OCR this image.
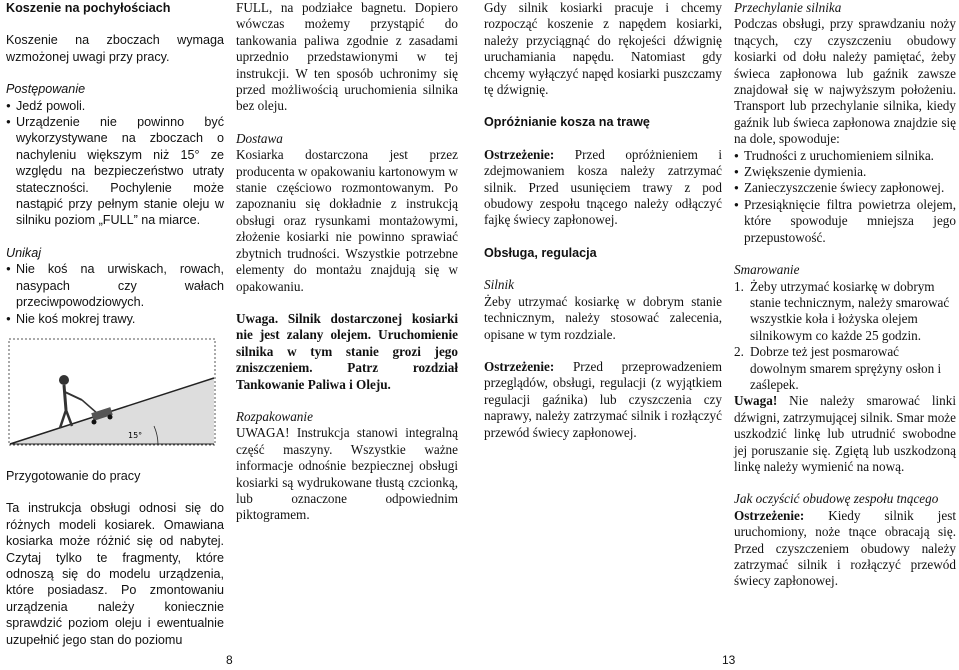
Koszenie na pochyłościach

Koszenie na zboczach wymaga wzmożonej uwagi przy pracy.

Postępowanie

● Jedź powoli.

● Urządzenie nie powinno być wykorzystywane na zboczach o nachyleniu większym niż 15° ze względu na bezpieczeństwo utraty stateczności. Pochylenie może nastąpić przy pełnym stanie oleju w silniku poziom „FULL” na miarce.

Unikaj

● Nie koś na urwiskach, rowach, nasypach czy wałach przeciwpowodziowych.

● Nie koś mokrej trawy.

15°

Przygotowanie do pracy

Ta instrukcja obsługi odnosi się do różnych modeli kosiarek. Omawiana kosiarka może różnić się od nabytej. Czytaj tylko te fragmenty, które odnoszą się do modelu urządzenia, które posiadasz. Po zmontowaniu urządzenia należy koniecznie sprawdzić poziom oleju i ewentualnie uzupełnić jego stan do poziomu

FULL, na podziałce bagnetu. Dopiero wówczas możemy przystąpić do tankowania paliwa zgodnie z zasadami uprzednio przedstawionymi w tej instrukcji. W ten sposób uchronimy się przed możliwością uruchomienia silnika bez oleju.

Dostawa

Kosiarka dostarczona jest przez producenta w opakowaniu kartonowym w stanie częściowo rozmontowanym. Po zapoznaniu się dokładnie z instrukcją obsługi oraz rysunkami montażowymi, złożenie kosiarki nie powinno sprawiać zbytnich trudności. Wszystkie potrzebne elementy do montażu znajdują się w opakowaniu.

Uwaga. Silnik dostarczonej kosiarki nie jest zalany olejem. Uruchomienie silnika w tym stanie grozi jego zniszczeniem. Patrz rozdział Tankowanie Paliwa i Oleju.

Rozpakowanie

UWAGA! Instrukcja stanowi integralną część maszyny. Wszystkie ważne informacje odnośnie bezpiecznej obsługi kosiarki są wydrukowane tłustą czcionką, lub oznaczone odpowiednim piktogramem.

8

Gdy silnik kosiarki pracuje i chcemy rozpocząć koszenie z napędem kosiarki, należy przyciągnąć do rękojeści dźwignię uruchamiania napędu. Natomiast gdy chcemy wyłączyć napęd kosiarki puszczamy tę dźwignię.

Opróżnianie kosza na trawę

Ostrzeżenie: Przed opróżnieniem i zdejmowaniem kosza należy zatrzymać silnik. Przed usunięciem trawy z pod obudowy zespołu tnącego należy odłączyć fajkę świecy zapłonowej.

Obsługa, regulacja

Silnik

Żeby utrzymać kosiarkę w dobrym stanie technicznym, należy stosować zalecenia, opisane w tym rozdziale.

Ostrzeżenie: Przed przeprowadzeniem przeglądów, obsługi, regulacji (z wyjątkiem regulacji gaźnika) lub czyszczenia czy naprawy, należy zatrzymać silnik i rozłączyć przewód świecy zapłonowej.

Przechylanie silnika

Podczas obsługi, przy sprawdzaniu noży tnących, czy czyszczeniu obudowy kosiarki od dołu należy pamiętać, żeby świeca zapłonowa lub gaźnik zawsze znajdował się w najwyższym położeniu. Transport lub przechylanie silnika, kiedy gaźnik lub świeca zapłonowa znajdzie się na dole, spowoduje:

● Trudności z uruchomieniem silnika.

● Zwiększenie dymienia.

● Zanieczyszczenie świecy zapłonowej.

● Przesiąknięcie filtra powietrza olejem, które spowoduje mniejsza jego przepustowość.

Smarowanie

1. Żeby utrzymać kosiarkę w dobrym stanie technicznym, należy smarować wszystkie koła i łożyska olejem silnikowym co każde 25 godzin.
2. Dobrze też jest posmarować dowolnym smarem sprężyny osłon i zaślepek.

Uwaga! Nie należy smarować linki dźwigni, zatrzymującej silnik. Smar może uszkodzić linkę lub utrudnić swobodne jej poruszanie się. Zgiętą lub uszkodzoną linkę należy wymienić na nową.

Jak oczyścić obudowę zespołu tnącego

Ostrzeżenie: Kiedy silnik jest uruchomiony, noże tnące obracają się. Przed czyszczeniem obudowy należy zatrzymać silnik i rozłączyć przewód świecy zapłonowej.

13
